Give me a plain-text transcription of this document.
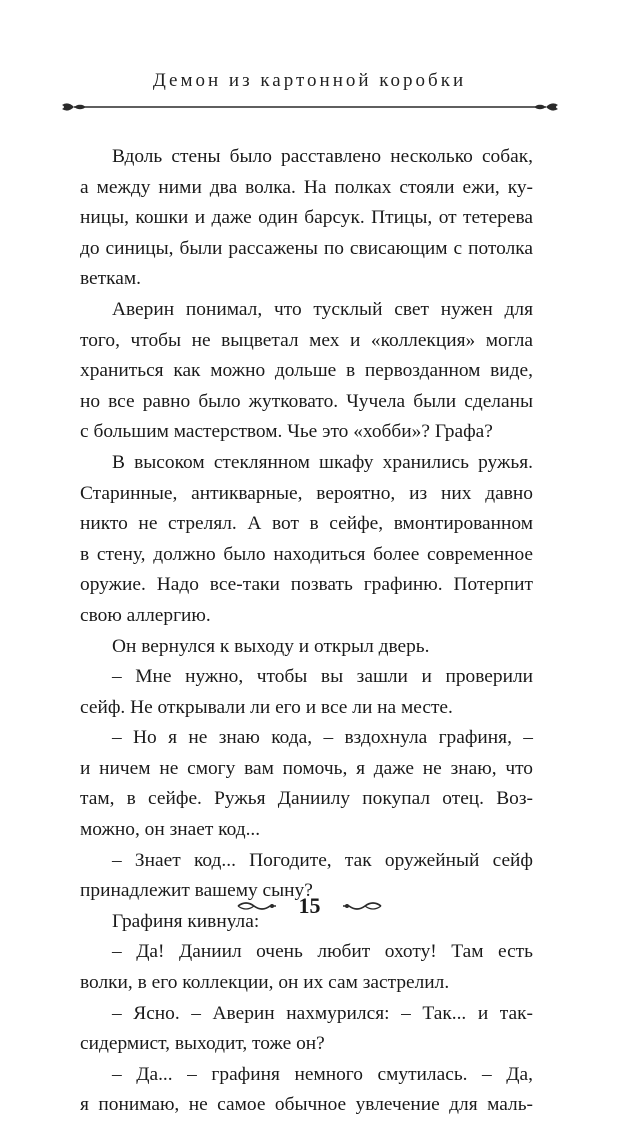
Демон из картонной коробки
Вдоль стены было расставлено несколько собак,
а между ними два волка. На полках стояли ежи, ку-
ницы, кошки и даже один барсук. Птицы, от тетерева
до синицы, были рассажены по свисающим с потолка
веткам.
Аверин понимал, что тусклый свет нужен для
того, чтобы не выцветал мех и «коллекция» могла
храниться как можно дольше в первозданном виде,
но все равно было жутковато. Чучела были сделаны
с большим мастерством. Чье это «хобби»? Графа?
В высоком стеклянном шкафу хранились ружья.
Старинные, антикварные, вероятно, из них давно
никто не стрелял. А вот в сейфе, вмонтированном
в стену, должно было находиться более современное
оружие. Надо все-таки позвать графиню. Потерпит
свою аллергию.
Он вернулся к выходу и открыл дверь.
– Мне нужно, чтобы вы зашли и проверили
сейф. Не открывали ли его и все ли на месте.
– Но я не знаю кода, – вздохнула графиня, –
и ничем не смогу вам помочь, я даже не знаю, что
там, в сейфе. Ружья Даниилу покупал отец. Воз-
можно, он знает код...
– Знает код... Погодите, так оружейный сейф
принадлежит вашему сыну?
Графиня кивнула:
– Да! Даниил очень любит охоту! Там есть
волки, в его коллекции, он их сам застрелил.
– Ясно. – Аверин нахмурился: – Так... и так-
сидермист, выходит, тоже он?
– Да... – графиня немного смутилась. – Да,
я понимаю, не самое обычное увлечение для маль-
15
